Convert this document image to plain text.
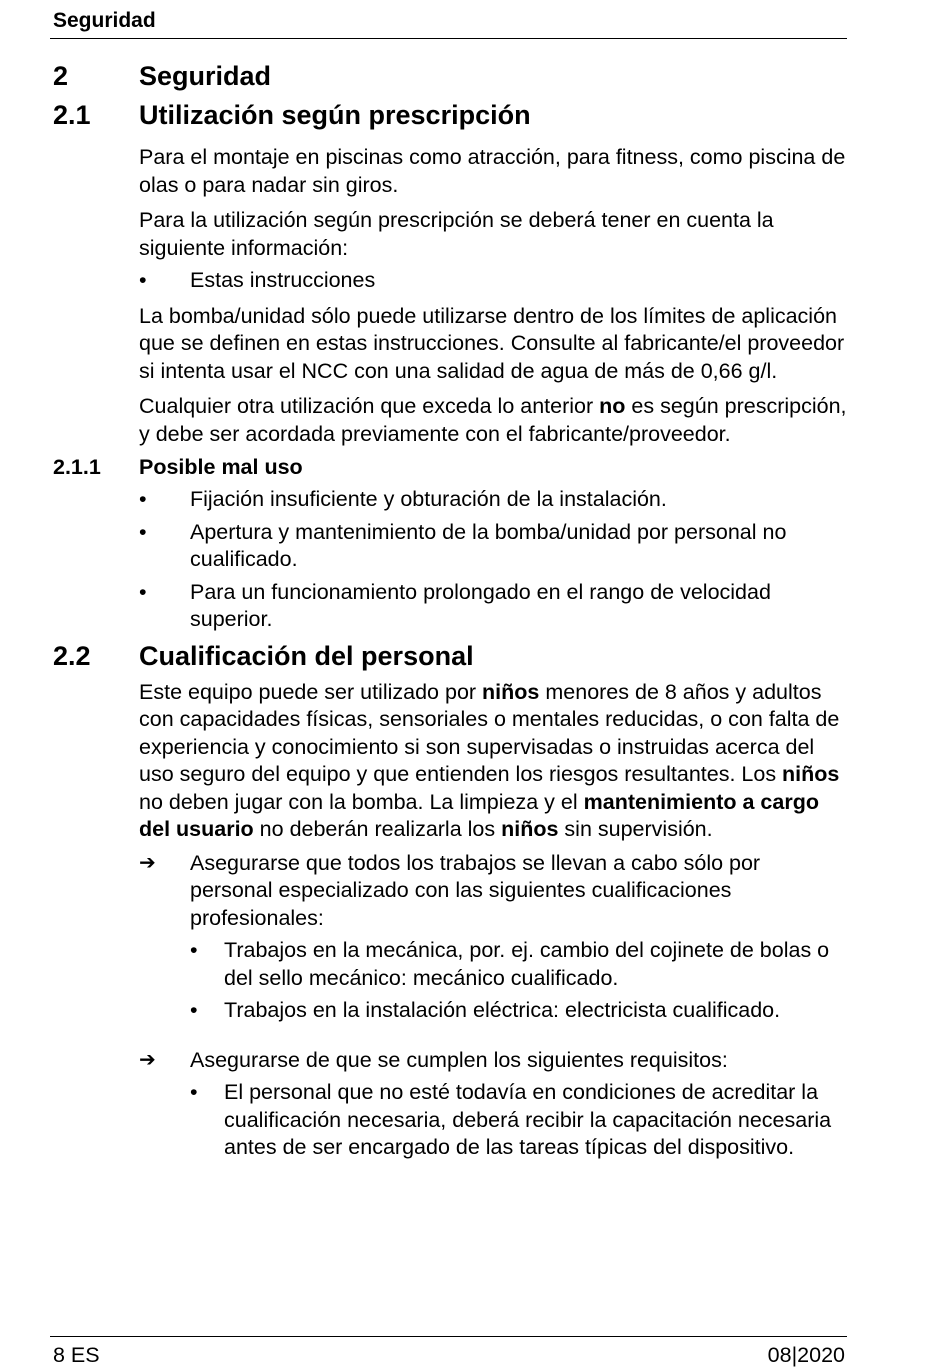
Seguridad
2	Seguridad
2.1	Utilización según prescripción
Para el montaje en piscinas como atracción, para fitness, como piscina de olas o para nadar sin giros.
Para la utilización según prescripción se deberá tener en cuenta la siguiente información:
•	Estas instrucciones
La bomba/unidad sólo puede utilizarse dentro de los límites de aplicación que se definen en estas instrucciones. Consulte al fabricante/el proveedor si intenta usar el NCC con una salidad de agua de más de 0,66 g/l.
Cualquier otra utilización que exceda lo anterior no es según prescripción, y debe ser acordada previamente con el fabricante/proveedor.
2.1.1	Posible mal uso
•	Fijación insuficiente y obturación de la instalación.
•	Apertura y mantenimiento de la bomba/unidad por personal no cualificado.
•	Para un funcionamiento prolongado en el rango de velocidad superior.
2.2	Cualificación del personal
Este equipo puede ser utilizado por niños menores de 8 años y adultos con capacidades físicas, sensoriales o mentales reducidas, o con falta de experiencia y conocimiento si son supervisadas o instruidas acerca del uso seguro del equipo y que entienden los riesgos resultantes. Los niños no deben jugar con la bomba. La limpieza y el mantenimiento a cargo del usuario no deberán realizarla los niños sin supervisión.
➔	Asegurarse que todos los trabajos se llevan a cabo sólo por personal especializado con las siguientes cualificaciones profesionales:
•	Trabajos en la mecánica, por. ej. cambio del cojinete de bolas o del sello mecánico: mecánico cualificado.
•	Trabajos en la instalación eléctrica: electricista cualificado.
➔	Asegurarse de que se cumplen los siguientes requisitos:
•	El personal que no esté todavía en condiciones de acreditar la cualificación necesaria, deberá recibir la capacitación necesaria antes de ser encargado de las tareas típicas del dispositivo.
8 ES	08|2020
